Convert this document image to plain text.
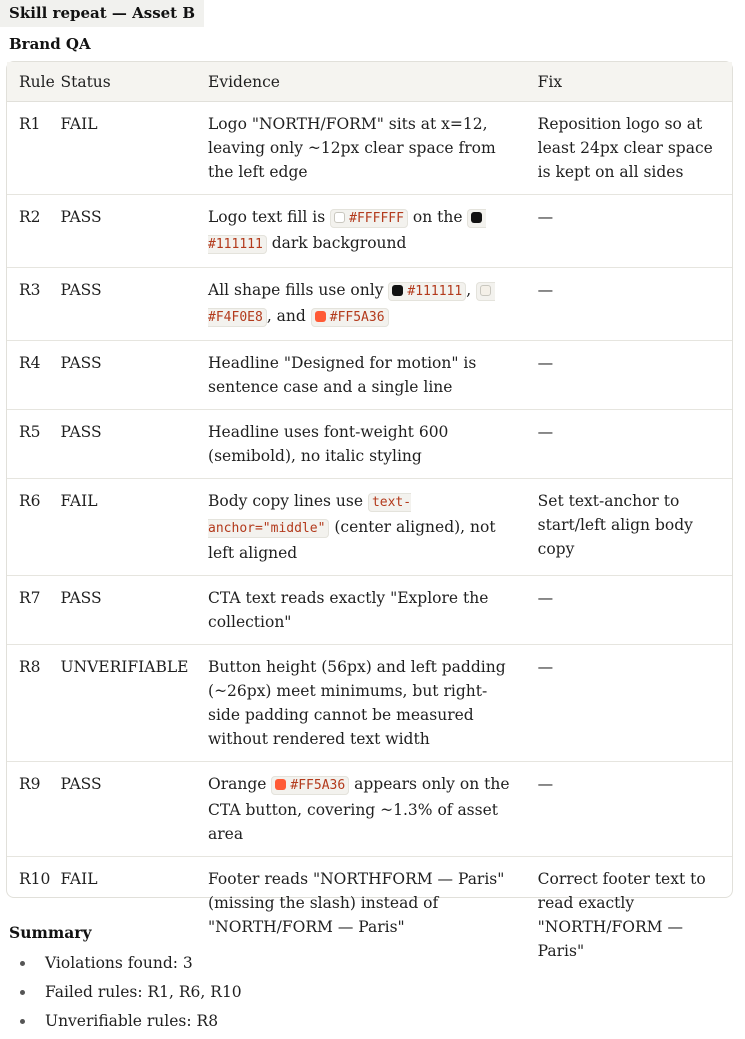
Skill repeat — Asset B
Brand QA
Rule	Status	Evidence	Fix
R1	FAIL	Logo "NORTH/FORM" sits at x=12, leaving only ~12px clear space from the left edge	Reposition logo so at least 24px clear space is kept on all sides
R2	PASS	Logo text fill is #FFFFFF on the #111111 dark background	—
R3	PASS	All shape fills use only #111111 , #F4F0E8 , and #FF5A36	—
R4	PASS	Headline "Designed for motion" is sentence case and a single line	—
R5	PASS	Headline uses font-weight 600 (semibold), no italic styling	—
R6	FAIL	Body copy lines use text-anchor="middle" (center aligned), not left aligned	Set text-anchor to start/left align body copy
R7	PASS	CTA text reads exactly "Explore the collection"	—
R8	UNVERIFIABLE	Button height (56px) and left padding (~26px) meet minimums, but right-side padding cannot be measured without rendered text width	—
R9	PASS	Orange #FF5A36 appears only on the CTA button, covering ~1.3% of asset area	—
R10	FAIL	Footer reads "NORTHFORM — Paris" (missing the slash) instead of "NORTH/FORM — Paris"	Correct footer text to read exactly "NORTH/FORM — Paris"
Summary
Violations found: 3
Failed rules: R1, R6, R10
Unverifiable rules: R8
